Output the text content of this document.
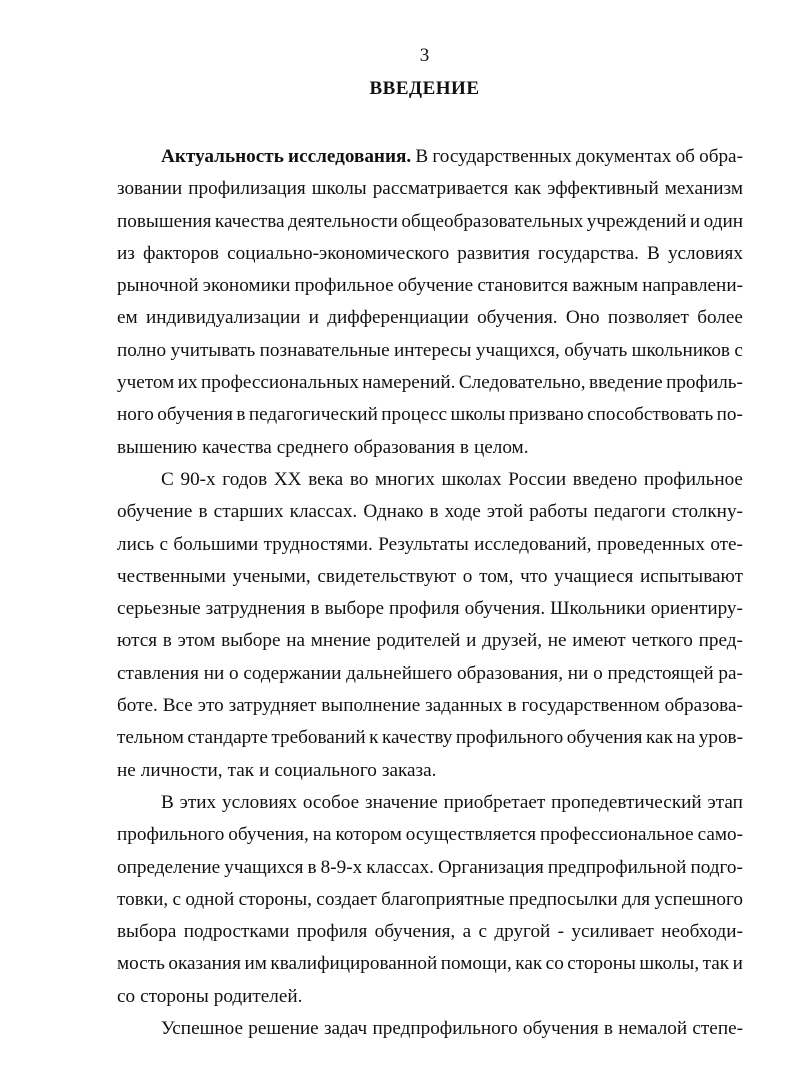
3
ВВЕДЕНИЕ
Актуальность исследования. В государственных документах об обра-
зовании профилизация школы рассматривается как эффективный механизм
повышения качества деятельности общеобразовательных учреждений и один
из факторов социально-экономического развития государства. В условиях
рыночной экономики профильное обучение становится важным направлени-
ем индивидуализации и дифференциации обучения. Оно позволяет более
полно учитывать познавательные интересы учащихся, обучать школьников с
учетом их профессиональных намерений. Следовательно, введение профиль-
ного обучения в педагогический процесс школы призвано способствовать по-
вышению качества среднего образования в целом.
С 90-х годов XX века во многих школах России введено профильное
обучение в старших классах. Однако в ходе этой работы педагоги столкну-
лись с большими трудностями. Результаты исследований, проведенных оте-
чественными учеными, свидетельствуют о том, что учащиеся испытывают
серьезные затруднения в выборе профиля обучения. Школьники ориентиру-
ются в этом выборе на мнение родителей и друзей, не имеют четкого пред-
ставления ни о содержании дальнейшего образования, ни о предстоящей ра-
боте. Все это затрудняет выполнение заданных в государственном образова-
тельном стандарте требований к качеству профильного обучения как на уров-
не личности, так и социального заказа.
В этих условиях особое значение приобретает пропедевтический этап
профильного обучения, на котором осуществляется профессиональное само-
определение учащихся в 8-9-х классах. Организация предпрофильной подго-
товки, с одной стороны, создает благоприятные предпосылки для успешного
выбора подростками профиля обучения, а с другой - усиливает необходи-
мость оказания им квалифицированной помощи, как со стороны школы, так и
со стороны родителей.
Успешное решение задач предпрофильного обучения в немалой степе-
